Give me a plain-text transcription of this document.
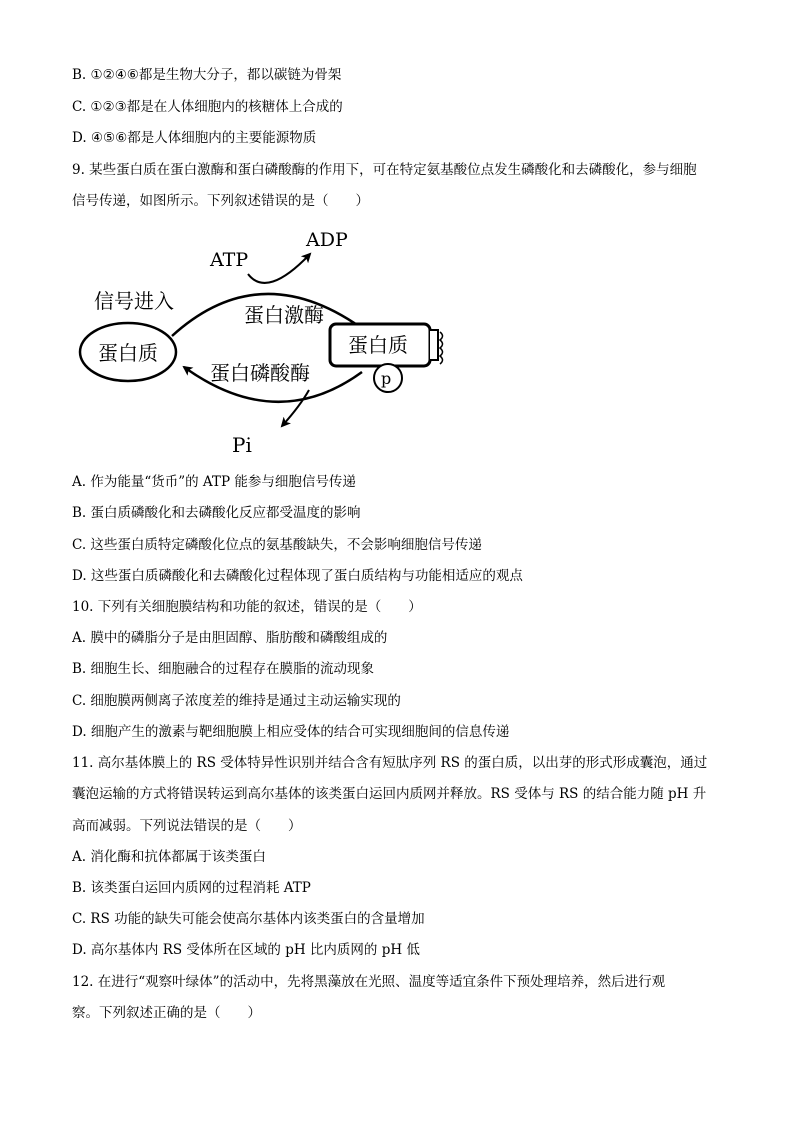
B. ①②④⑥都是生物大分子，都以碳链为骨架
C. ①②③都是在人体细胞内的核糖体上合成的
D. ④⑤⑥都是人体细胞内的主要能源物质
9. 某些蛋白质在蛋白激酶和蛋白磷酸酶的作用下，可在特定氨基酸位点发生磷酸化和去磷酸化，参与细胞
信号传递，如图所示。下列叙述错误的是（　　）
ATP
ADP
信号进入
蛋白质
蛋白激酶
蛋白质
p
蛋白磷酸酶
Pi
A. 作为能量“货币”的 ATP 能参与细胞信号传递
B. 蛋白质磷酸化和去磷酸化反应都受温度的影响
C. 这些蛋白质特定磷酸化位点的氨基酸缺失，不会影响细胞信号传递
D. 这些蛋白质磷酸化和去磷酸化过程体现了蛋白质结构与功能相适应的观点
10. 下列有关细胞膜结构和功能的叙述，错误的是（　　）
A. 膜中的磷脂分子是由胆固醇、脂肪酸和磷酸组成的
B. 细胞生长、细胞融合的过程存在膜脂的流动现象
C. 细胞膜两侧离子浓度差的维持是通过主动运输实现的
D. 细胞产生的激素与靶细胞膜上相应受体的结合可实现细胞间的信息传递
11. 高尔基体膜上的 RS 受体特异性识别并结合含有短肽序列 RS 的蛋白质，以出芽的形式形成囊泡，通过
囊泡运输的方式将错误转运到高尔基体的该类蛋白运回内质网并释放。RS 受体与 RS 的结合能力随 pH 升
高而减弱。下列说法错误的是（　　）
A. 消化酶和抗体都属于该类蛋白
B. 该类蛋白运回内质网的过程消耗 ATP
C. RS 功能的缺失可能会使高尔基体内该类蛋白的含量增加
D. 高尔基体内 RS 受体所在区域的 pH 比内质网的 pH 低
12. 在进行“观察叶绿体”的活动中，先将黑藻放在光照、温度等适宜条件下预处理培养，然后进行观
察。下列叙述正确的是（　　）
